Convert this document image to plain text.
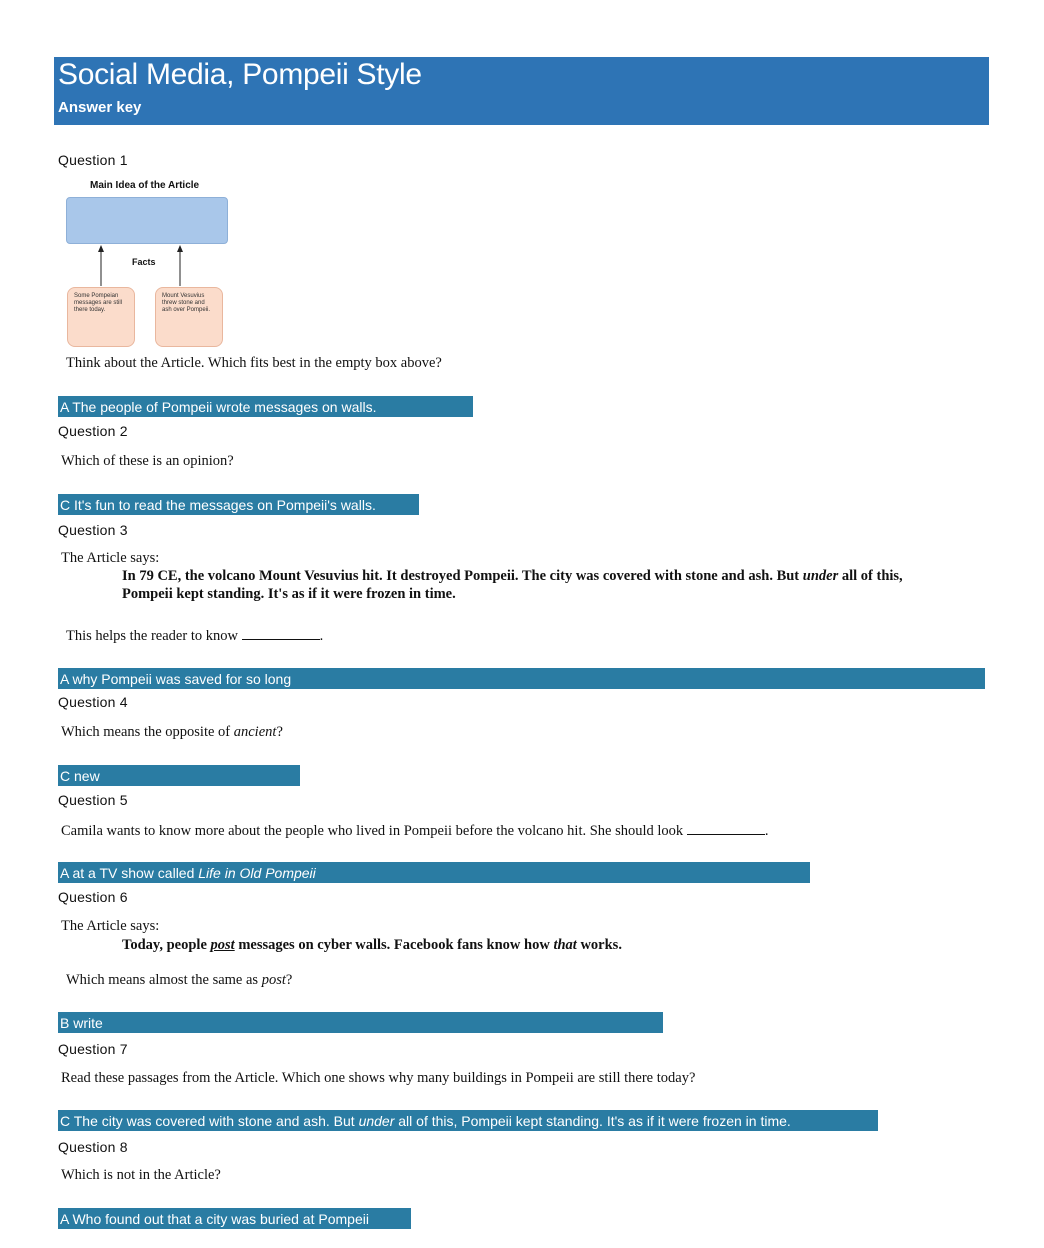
Social Media, Pompeii Style
Answer key
Question 1
Main Idea of the Article
Facts
Some Pompeian messages are still there today.
Mount Vesuvius threw stone and ash over Pompeii.
Think about the Article. Which fits best in the empty box above?
A The people of Pompeii wrote messages on walls.
Question 2
Which of these is an opinion?
C It's fun to read the messages on Pompeii's walls.
Question 3
The Article says:
In 79 CE, the volcano Mount Vesuvius hit. It destroyed Pompeii. The city was covered with stone and ash. But under all of this,
Pompeii kept standing. It's as if it were frozen in time.
This helps the reader to know	.
A why Pompeii was saved for so long
Question 4
Which means the opposite of ancient?
C new
Question 5
Camila wants to know more about the people who lived in Pompeii before the volcano hit. She should look	.
A at a TV show called Life in Old Pompeii
Question 6
The Article says:
Today, people post messages on cyber walls. Facebook fans know how that works.
Which means almost the same as post?
B write
Question 7
Read these passages from the Article. Which one shows why many buildings in Pompeii are still there today?
C The city was covered with stone and ash. But under all of this, Pompeii kept standing. It's as if it were frozen in time.
Question 8
Which is not in the Article?
A Who found out that a city was buried at Pompeii
